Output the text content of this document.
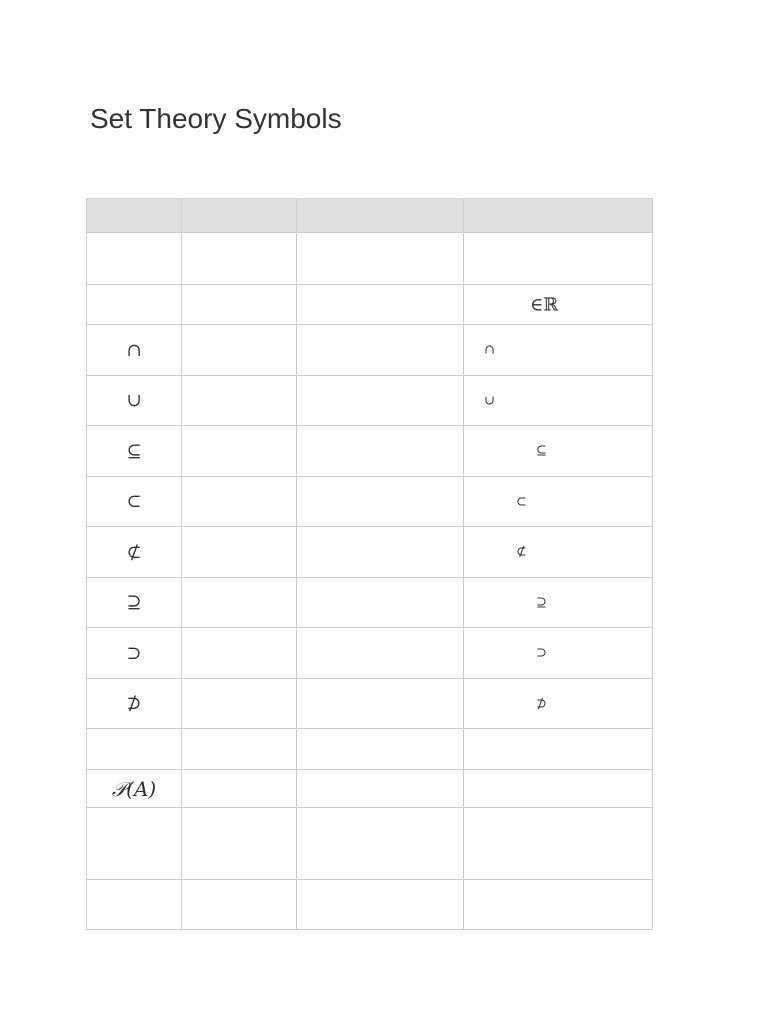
Set Theory Symbols

			∈ℝ

∩			∩

∪			∪

⊆			⊆

⊂			⊂

⊄			⊄

⊇			⊇

⊃			⊃

⊅			⊅

𝒫(A)			
